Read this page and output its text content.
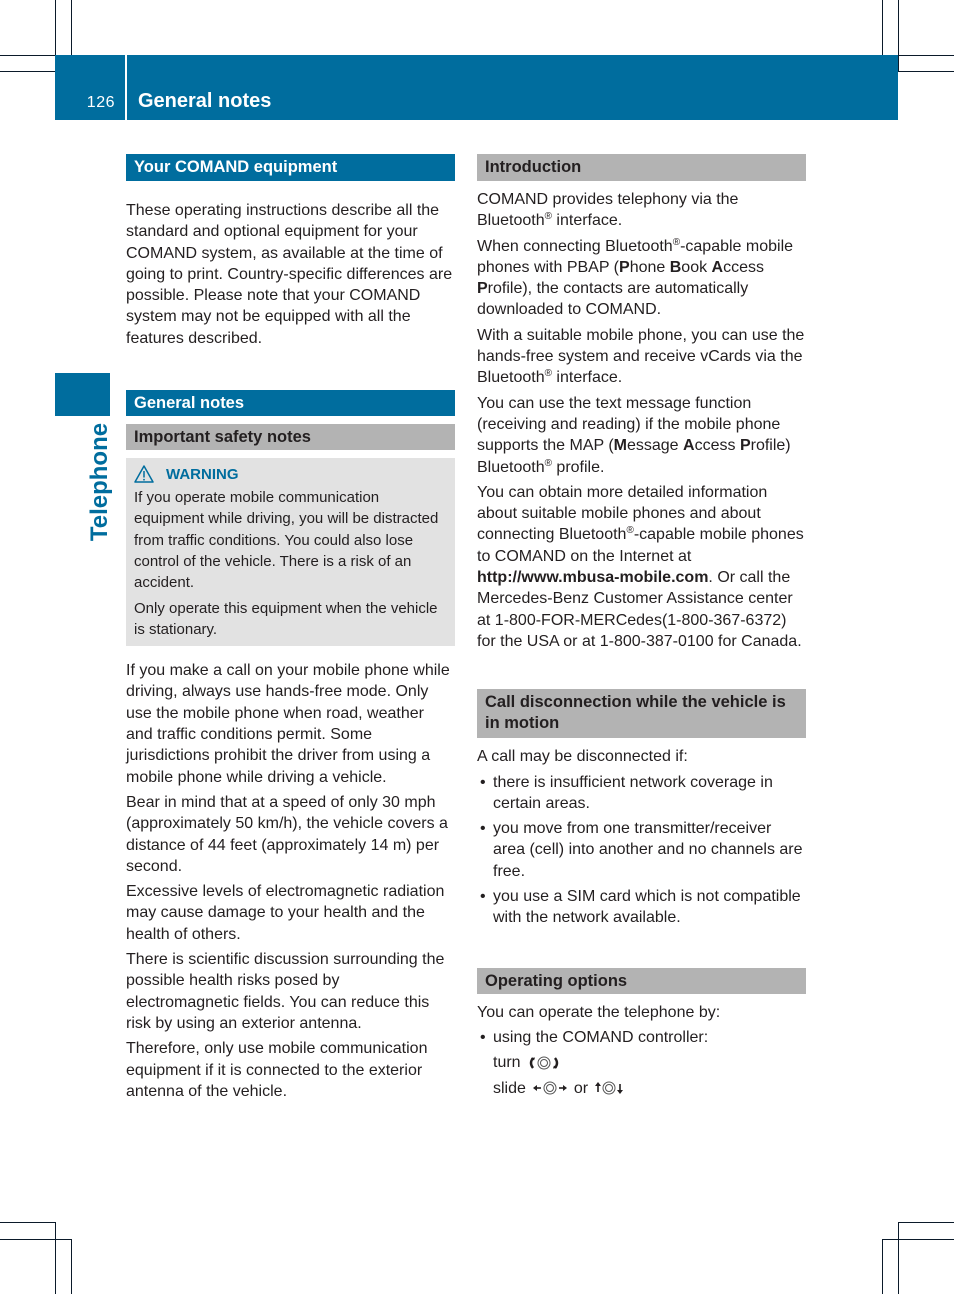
126 General notes
Telephone
Your COMAND equipment

These operating instructions describe all the standard and optional equipment for your COMAND system, as available at the time of going to print. Country-specific differences are possible. Please note that your COMAND system may not be equipped with all the features described.

General notes
Important safety notes
WARNING

If you operate mobile communication equipment while driving, you will be distracted from traffic conditions. You could also lose control of the vehicle. There is a risk of an accident.

Only operate this equipment when the vehicle is stationary.

If you make a call on your mobile phone while driving, always use hands-free mode. Only use the mobile phone when road, weather and traffic conditions permit. Some jurisdictions prohibit the driver from using a mobile phone while driving a vehicle.

Bear in mind that at a speed of only 30 mph (approximately 50 km/h), the vehicle covers a distance of 44 feet (approximately 14 m) per second.

Excessive levels of electromagnetic radiation may cause damage to your health and the health of others.

There is scientific discussion surrounding the possible health risks posed by electromagnetic fields. You can reduce this risk by using an exterior antenna.

Therefore, only use mobile communication equipment if it is connected to the exterior antenna of the vehicle.

Introduction

COMAND provides telephony via the Bluetooth® interface.

When connecting Bluetooth®-capable mobile phones with PBAP (Phone Book Access Profile), the contacts are automatically downloaded to COMAND.

With a suitable mobile phone, you can use the hands-free system and receive vCards via the Bluetooth® interface.

You can use the text message function (receiving and reading) if the mobile phone supports the MAP (Message Access Profile) Bluetooth® profile.

You can obtain more detailed information about suitable mobile phones and about connecting Bluetooth®-capable mobile phones to COMAND on the Internet at http://www.mbusa-mobile.com. Or call the Mercedes-Benz Customer Assistance center at 1-800-FOR-MERCedes(1-800-367-6372) for the USA or at 1-800-387-0100 for Canada.

Call disconnection while the vehicle is in motion

A call may be disconnected if:

• there is insufficient network coverage in certain areas.
• you move from one transmitter/receiver area (cell) into another and no channels are free.
• you use a SIM card which is not compatible with the network available.
Operating options

You can operate the telephone by:

• using the COMAND controller:
turn
slide	or
